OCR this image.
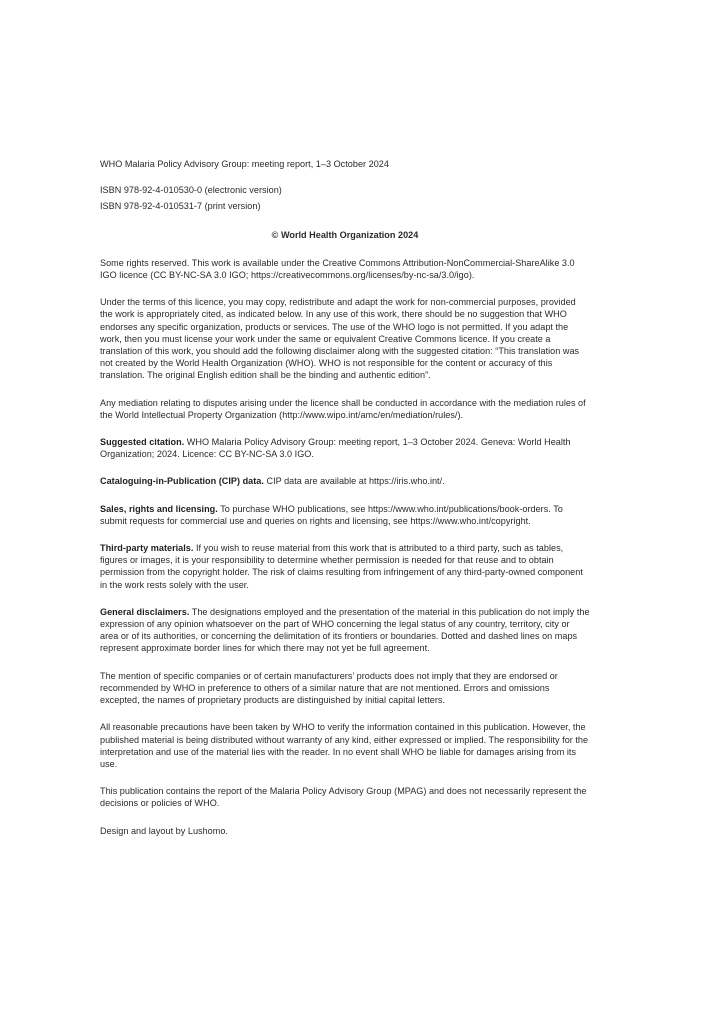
WHO Malaria Policy Advisory Group: meeting report, 1–3 October 2024

ISBN 978-92-4-010530-0 (electronic version)
ISBN 978-92-4-010531-7 (print version)

© World Health Organization 2024

Some rights reserved. This work is available under the Creative Commons Attribution-NonCommercial-ShareAlike 3.0 IGO licence (CC BY-NC-SA 3.0 IGO; https://creativecommons.org/licenses/by-nc-sa/3.0/igo).

Under the terms of this licence, you may copy, redistribute and adapt the work for non-commercial purposes, provided the work is appropriately cited, as indicated below. In any use of this work, there should be no suggestion that WHO endorses any specific organization, products or services. The use of the WHO logo is not permitted. If you adapt the work, then you must license your work under the same or equivalent Creative Commons licence. If you create a translation of this work, you should add the following disclaimer along with the suggested citation: “This translation was not created by the World Health Organization (WHO). WHO is not responsible for the content or accuracy of this translation. The original English edition shall be the binding and authentic edition”.

Any mediation relating to disputes arising under the licence shall be conducted in accordance with the mediation rules of the World Intellectual Property Organization (http://www.wipo.int/amc/en/mediation/rules/).

Suggested citation. WHO Malaria Policy Advisory Group: meeting report, 1–3 October 2024. Geneva: World Health Organization; 2024. Licence: CC BY-NC-SA 3.0 IGO.

Cataloguing-in-Publication (CIP) data. CIP data are available at https://iris.who.int/.

Sales, rights and licensing. To purchase WHO publications, see https://www.who.int/publications/book-orders. To submit requests for commercial use and queries on rights and licensing, see https://www.who.int/copyright.

Third-party materials. If you wish to reuse material from this work that is attributed to a third party, such as tables, figures or images, it is your responsibility to determine whether permission is needed for that reuse and to obtain permission from the copyright holder. The risk of claims resulting from infringement of any third-party-owned component in the work rests solely with the user.

General disclaimers. The designations employed and the presentation of the material in this publication do not imply the expression of any opinion whatsoever on the part of WHO concerning the legal status of any country, territory, city or area or of its authorities, or concerning the delimitation of its frontiers or boundaries. Dotted and dashed lines on maps represent approximate border lines for which there may not yet be full agreement.

The mention of specific companies or of certain manufacturers’ products does not imply that they are endorsed or recommended by WHO in preference to others of a similar nature that are not mentioned. Errors and omissions excepted, the names of proprietary products are distinguished by initial capital letters.

All reasonable precautions have been taken by WHO to verify the information contained in this publication. However, the published material is being distributed without warranty of any kind, either expressed or implied. The responsibility for the interpretation and use of the material lies with the reader. In no event shall WHO be liable for damages arising from its use.

This publication contains the report of the Malaria Policy Advisory Group (MPAG) and does not necessarily represent the decisions or policies of WHO.

Design and layout by Lushomo.
